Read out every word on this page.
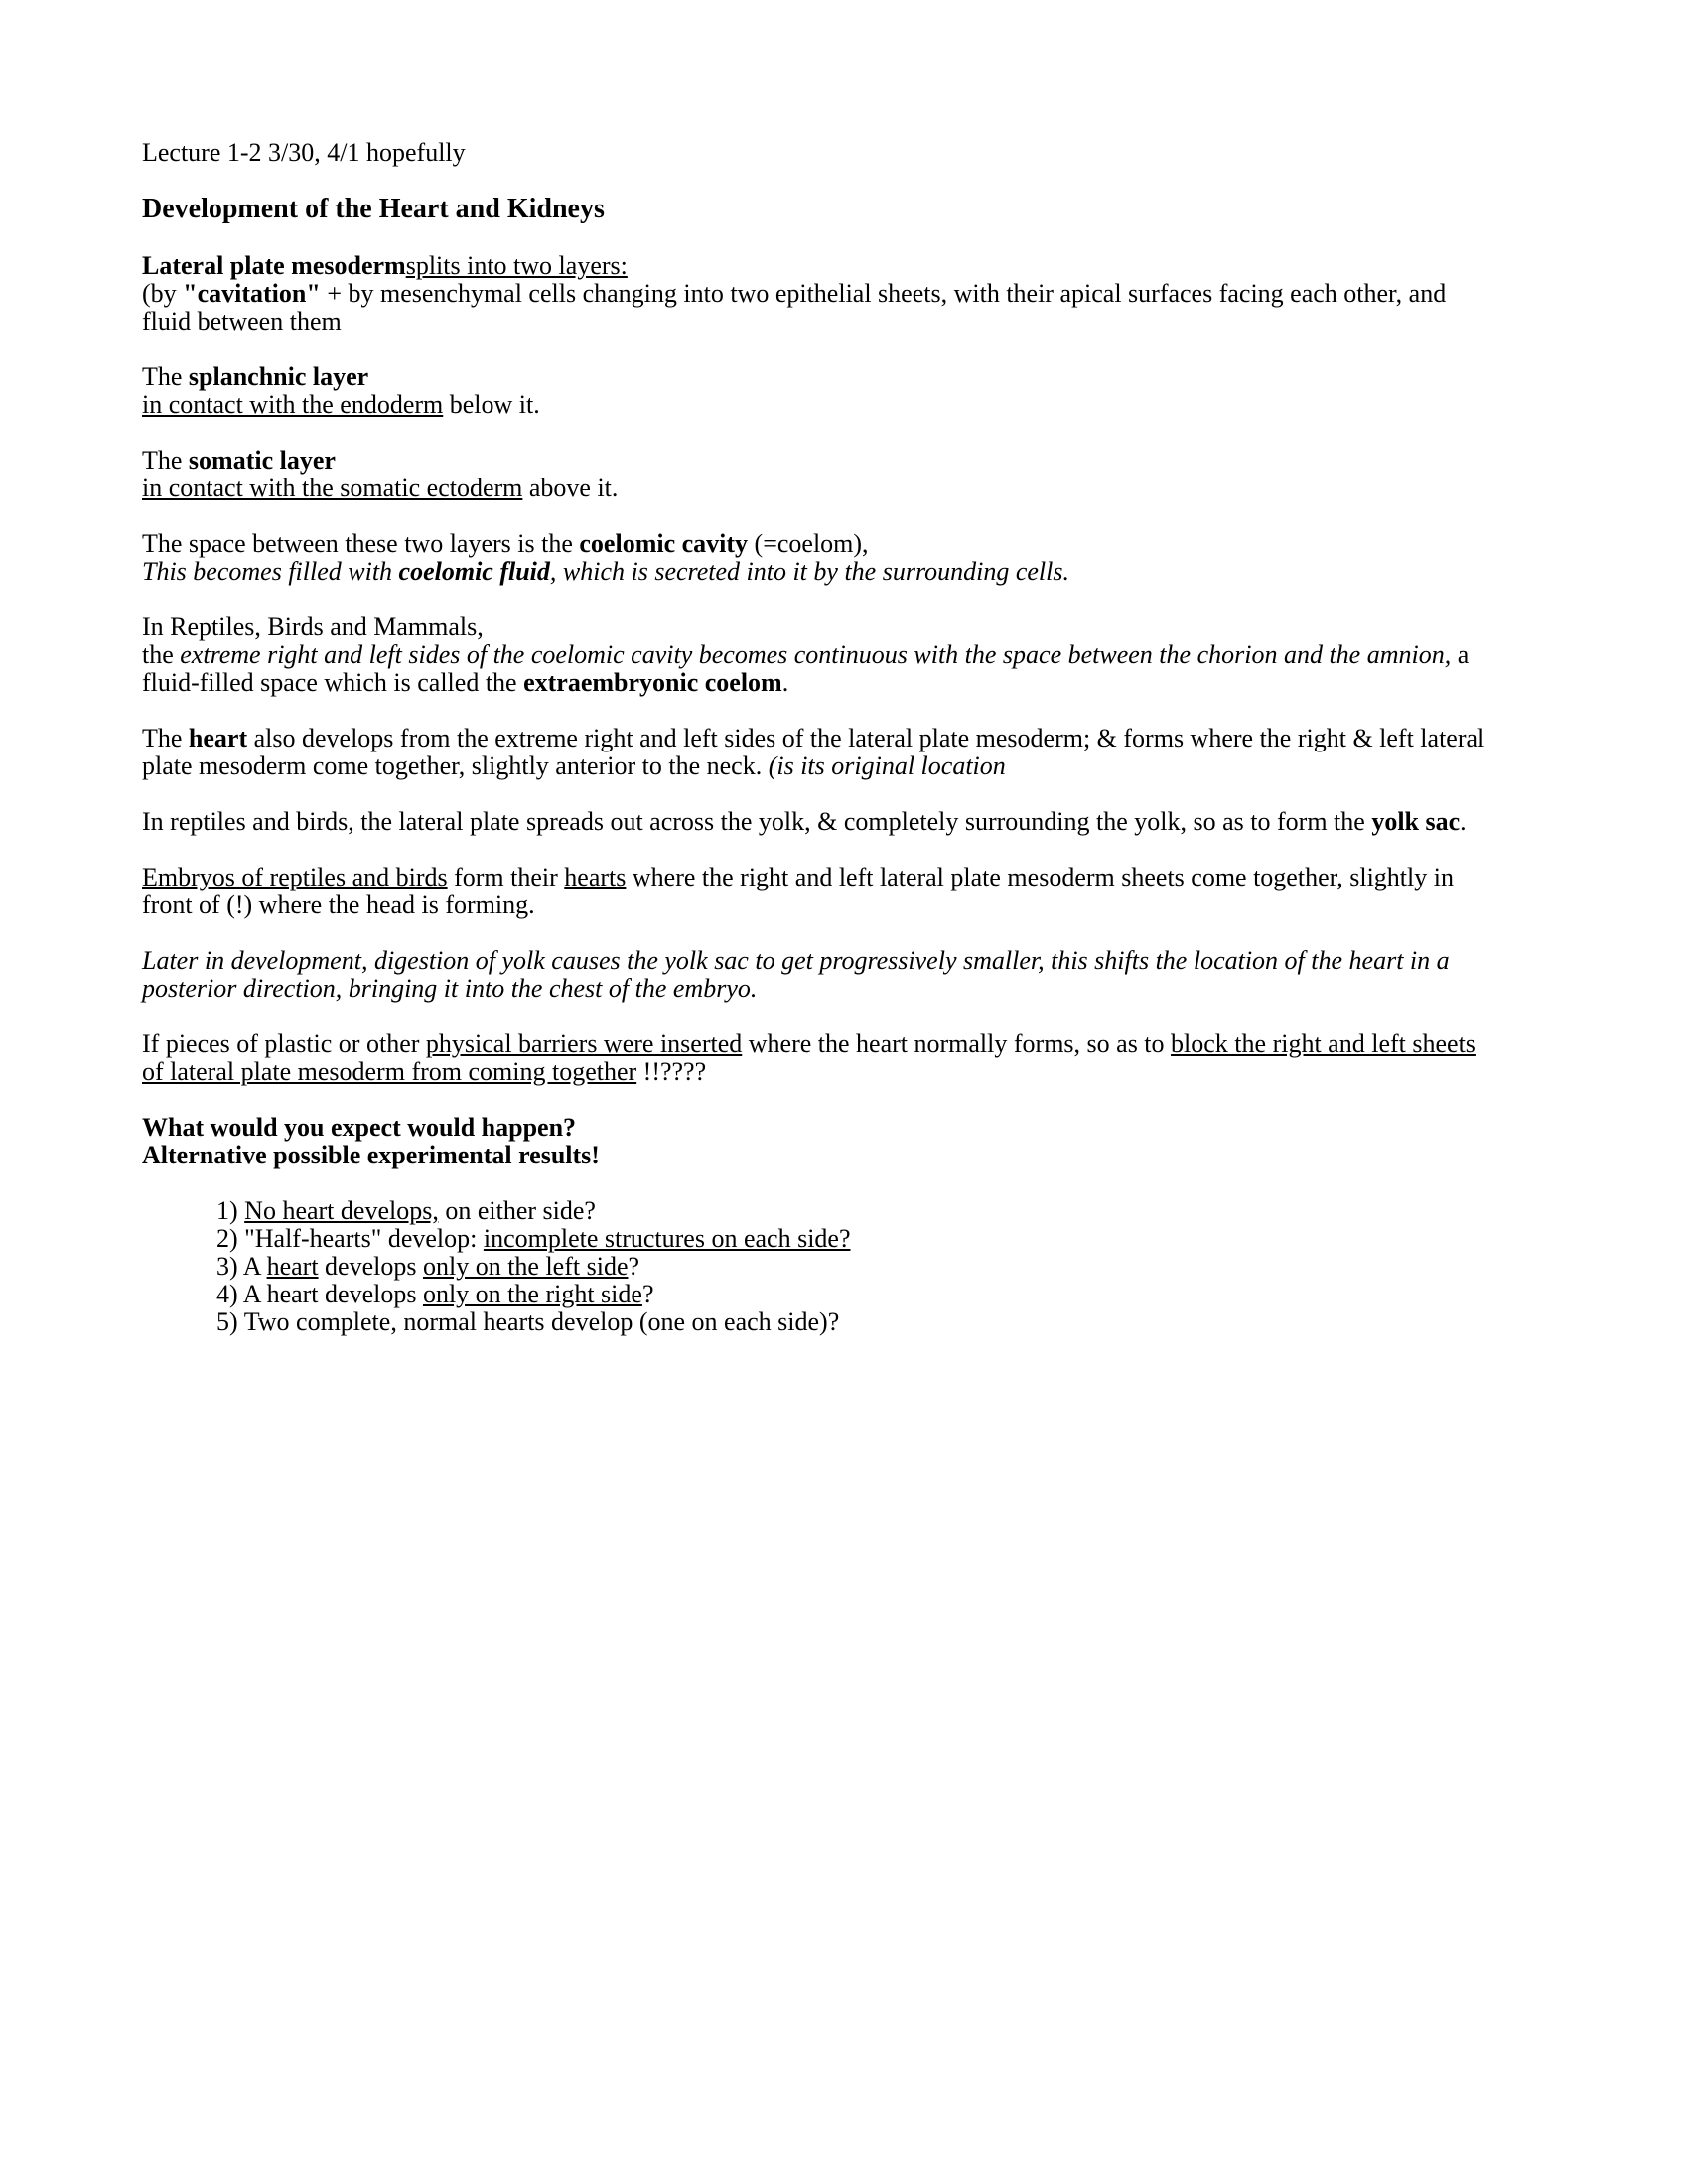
Lecture 1-2 3/30, 4/1 hopefully
Development of the Heart and Kidneys
Lateral plate mesodermsplits into two layers:
(by "cavitation" + by mesenchymal cells changing into two epithelial sheets, with their apical surfaces facing each other, and fluid between them
The splanchnic layer
in contact with the endoderm below it.
The somatic layer
in contact with the somatic ectoderm above it.
The space between these two layers is the coelomic cavity (=coelom),
This becomes filled with coelomic fluid, which is secreted into it by the surrounding cells.
In Reptiles, Birds and Mammals,
the extreme right and left sides of the coelomic cavity becomes continuous with the space between the chorion and the amnion, a fluid-filled space which is called the extraembryonic coelom.
The heart also develops from the extreme right and left sides of the lateral plate mesoderm; & forms where the right & left lateral plate mesoderm come together, slightly anterior to the neck. (is its original location
In reptiles and birds, the lateral plate spreads out across the yolk, & completely surrounding the yolk, so as to form the yolk sac.
Embryos of reptiles and birds form their hearts where the right and left lateral plate mesoderm sheets come together, slightly in front of (!) where the head is forming.
Later in development, digestion of yolk causes the yolk sac to get progressively smaller, this shifts the location of the heart in a posterior direction, bringing it into the chest of the embryo.
If pieces of plastic or other physical barriers were inserted where the heart normally forms, so as to block the right and left sheets of lateral plate mesoderm from coming together !!????
What would you expect would happen?
Alternative possible experimental results!
1) No heart develops, on either side?
2) "Half-hearts" develop: incomplete structures on each side?
3) A heart develops only on the left side?
4) A heart develops only on the right side?
5) Two complete, normal hearts develop (one on each side)?
